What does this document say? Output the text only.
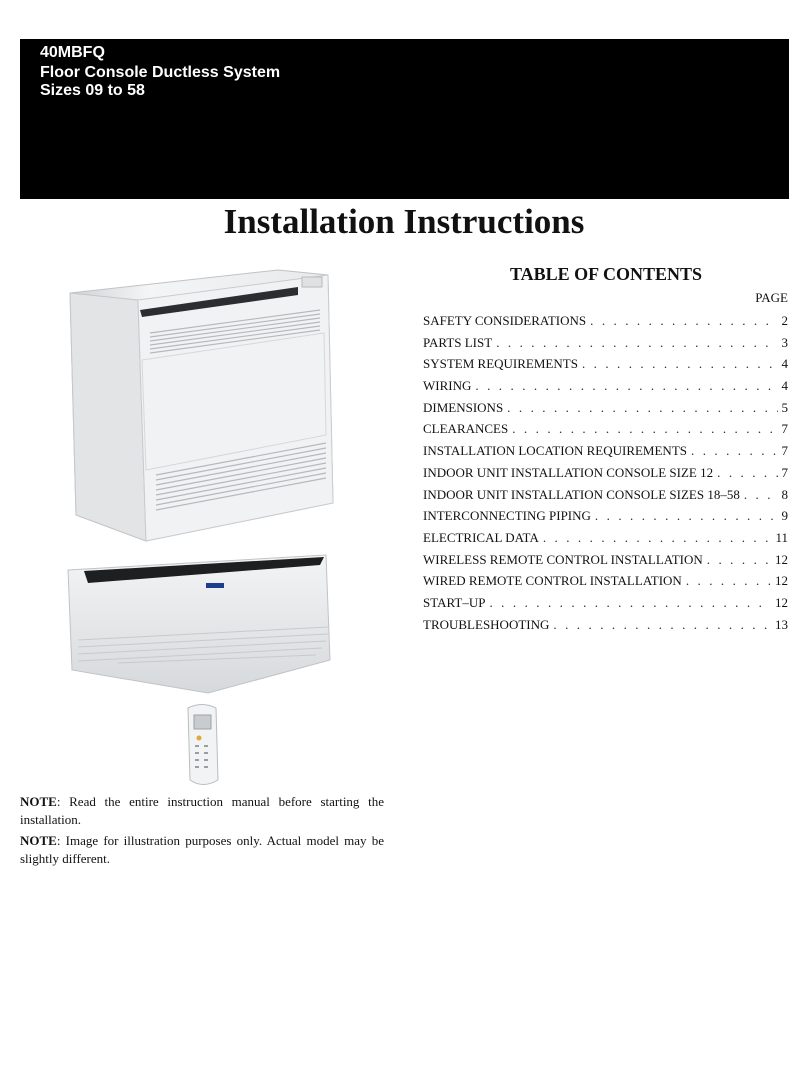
40MBFQ
Floor Console Ductless System
Sizes 09 to 58
Installation Instructions
TABLE OF CONTENTS
PAGE
SAFETY CONSIDERATIONS . . .	2
PARTS LIST . . .	3
SYSTEM REQUIREMENTS . . .	4
WIRING . . .	4
DIMENSIONS . . .	5
CLEARANCES . . .	7
INSTALLATION LOCATION REQUIREMENTS . . .	7
INDOOR UNIT INSTALLATION CONSOLE SIZE 12 . . .	7
INDOOR UNIT INSTALLATION CONSOLE SIZES 18–58 . . .	8
INTERCONNECTING PIPING . . .	9
ELECTRICAL DATA . . .	11
WIRELESS REMOTE CONTROL INSTALLATION . . .	12
WIRED REMOTE CONTROL INSTALLATION . . .	12
START–UP . . .	12
TROUBLESHOOTING . . .	13

NOTE: Read the entire instruction manual before starting the installation.

NOTE: Image for illustration purposes only. Actual model may be slightly different.
